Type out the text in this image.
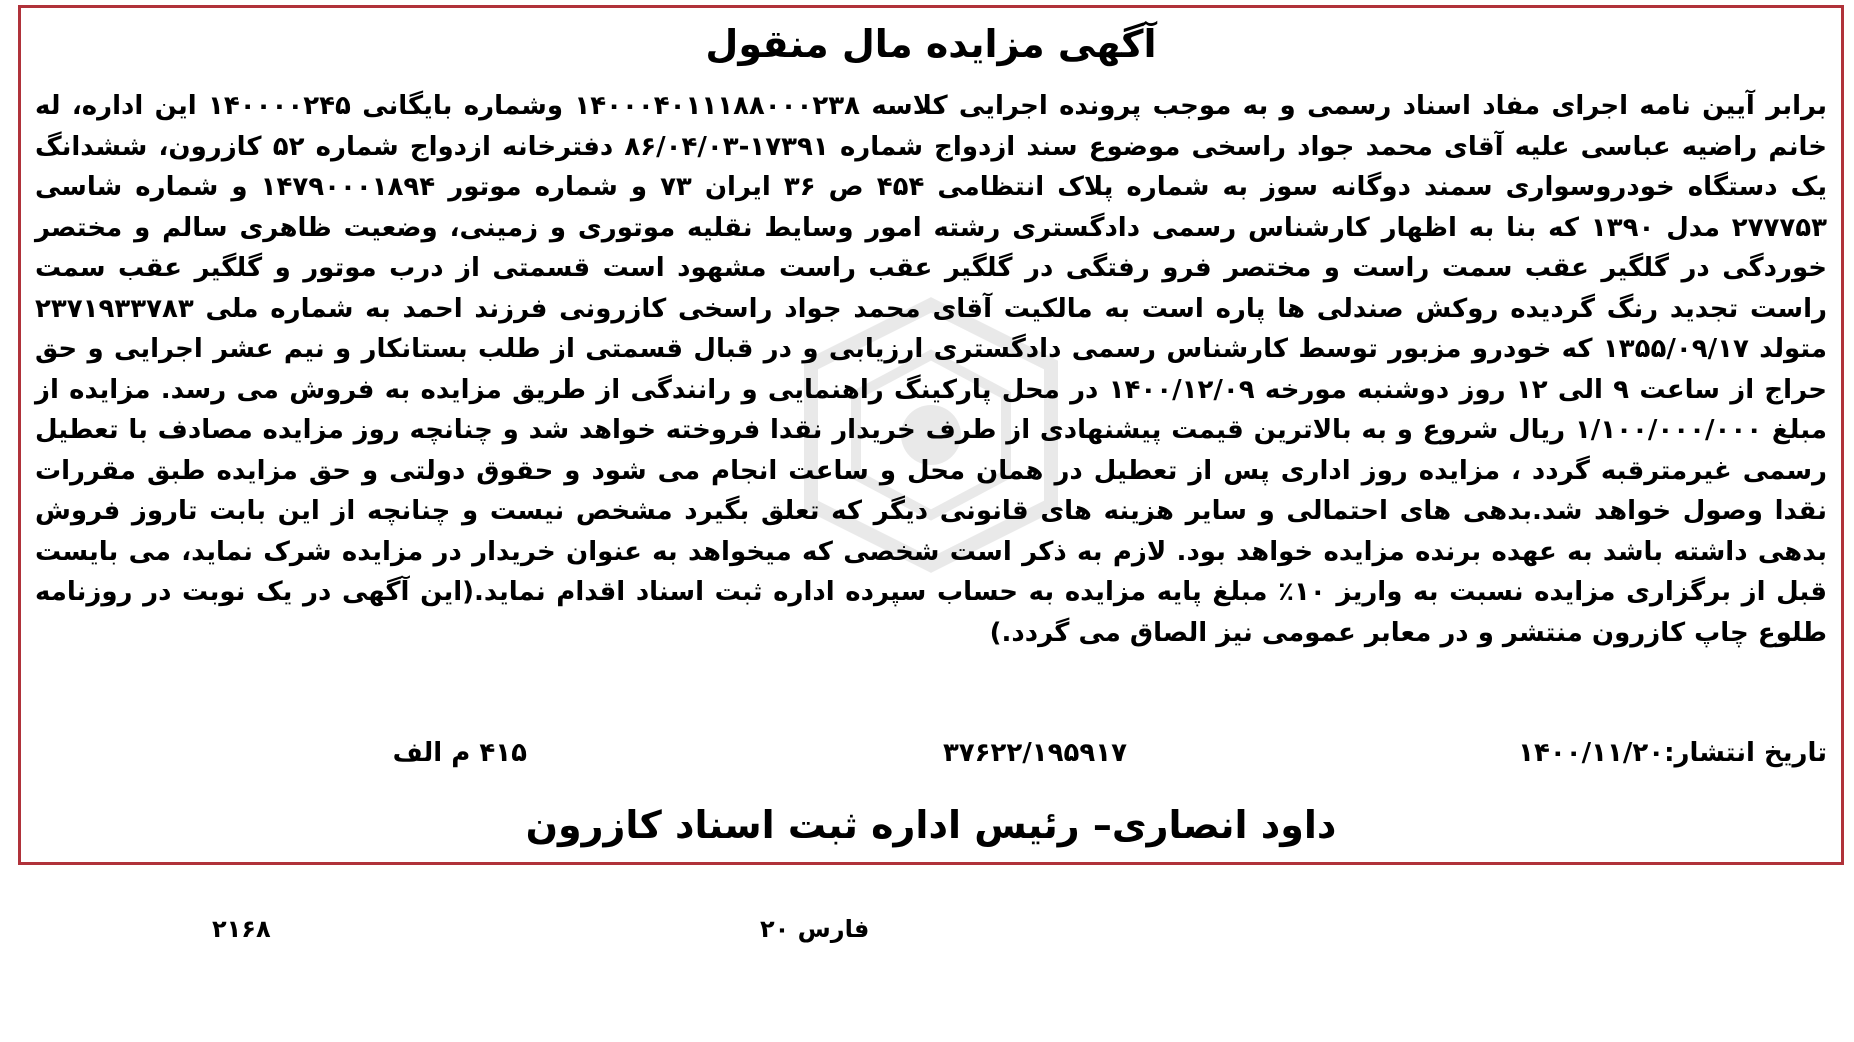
آگهی مزایده مال منقول
برابر آیین نامه اجرای مفاد اسناد رسمی و به موجب پرونده اجرایی کلاسه ۱۴۰۰۰۴۰۱۱۱۸۸۰۰۰۲۳۸ وشماره بایگانی ۱۴۰۰۰۰۲۴۵ این اداره، له خانم راضیه عباسی علیه آقای محمد جواد راسخی موضوع سند ازدواج شماره ۱۷۳۹۱-۸۶/۰۴/۰۳ دفترخانه ازدواج شماره ۵۲ کازرون، ششدانگ یک دستگاه خودروسواری سمند دوگانه سوز به شماره پلاک انتظامی ۴۵۴ ص ۳۶ ایران ۷۳ و شماره موتور ۱۴۷۹۰۰۰۱۸۹۴ و شماره شاسی ۲۷۷۷۵۳ مدل ۱۳۹۰ که بنا به اظهار کارشناس رسمی دادگستری رشته امور وسایط نقلیه موتوری و زمینی، وضعیت ظاهری سالم و مختصر خوردگی در گلگیر عقب سمت راست و مختصر فرو رفتگی در گلگیر عقب راست مشهود است قسمتی از درب موتور و گلگیر عقب سمت راست تجدید رنگ گردیده روکش صندلی ها پاره است به مالکیت آقای محمد جواد راسخی کازرونی فرزند احمد به شماره ملی ۲۳۷۱۹۳۳۷۸۳ متولد ۱۳۵۵/۰۹/۱۷ که خودرو مزبور توسط کارشناس رسمی دادگستری ارزیابی و در قبال قسمتی از طلب بستانکار و نیم عشر اجرایی و حق حراج از ساعت ۹ الی ۱۲ روز دوشنبه مورخه ۱۴۰۰/۱۲/۰۹ در محل پارکینگ راهنمایی و رانندگی از طریق مزایده به فروش می رسد. مزایده از مبلغ ۱/۱۰۰/۰۰۰/۰۰۰ ریال شروع و به بالاترین قیمت پیشنهادی از طرف خریدار نقدا فروخته خواهد شد و چنانچه روز مزایده مصادف با تعطیل رسمی غیرمترقبه گردد ، مزایده روز اداری پس از تعطیل در همان محل و ساعت انجام می شود و حقوق دولتی و حق مزایده طبق مقررات نقدا وصول خواهد شد.بدهی های احتمالی و سایر هزینه های قانونی دیگر که تعلق بگیرد مشخص نیست و چنانچه از این بابت تاروز فروش بدهی داشته باشد به عهده برنده مزایده خواهد بود. لازم به ذکر است شخصی که میخواهد به عنوان خریدار در مزایده شرک نماید، می بایست قبل از برگزاری مزایده نسبت به واریز ۱۰٪ مبلغ پایه مزایده به حساب سپرده اداره ثبت اسناد اقدام نماید.(این آگهی در یک نوبت در روزنامه طلوع چاپ کازرون منتشر و در معابر عمومی نیز الصاق می گردد.)
تاریخ انتشار:۱۴۰۰/۱۱/۲۰
۳۷۶۲۲/۱۹۵۹۱۷
۴۱۵ م الف
داود انصاری– رئیس اداره ثبت اسناد کازرون
۲۱۶۸	فارس ۲۰
